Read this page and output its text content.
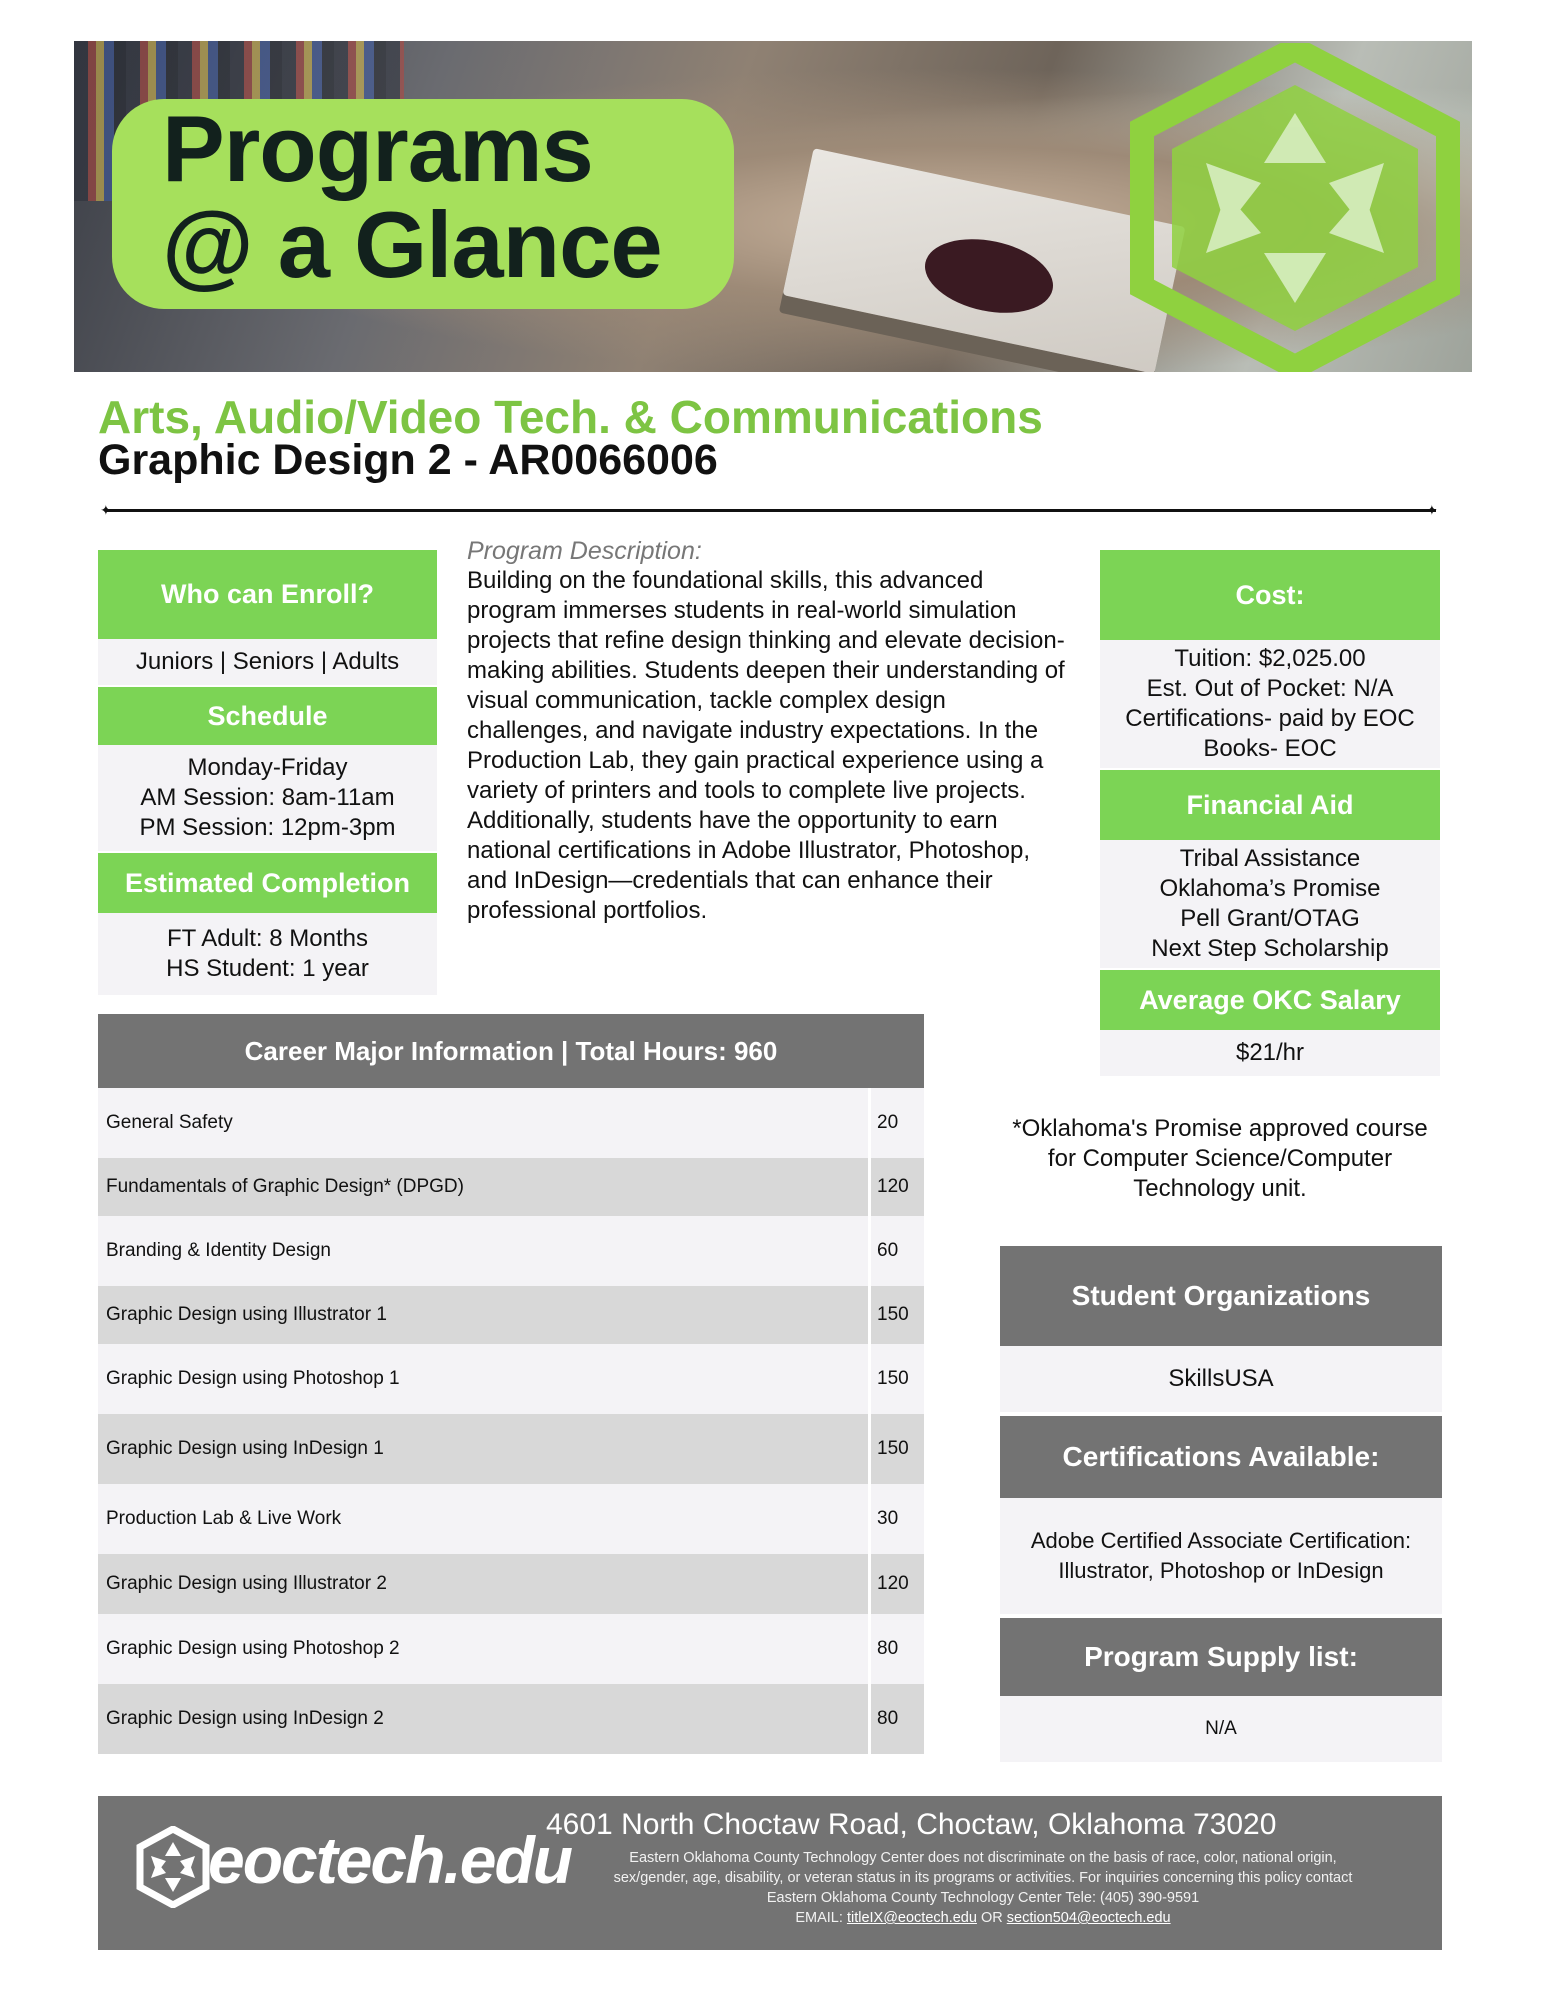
Programs
@ a Glance
Arts, Audio/Video Tech. & Communications
Graphic Design 2 - AR0066006
✦	✦
Who can Enroll?
Juniors | Seniors | Adults
Schedule
Monday-Friday
AM Session: 8am-11am
PM Session: 12pm-3pm
Estimated Completion
FT Adult: 8 Months
HS Student: 1 year
Program Description:
Building on the foundational skills, this advanced program immerses students in real-world simulation projects that refine design thinking and elevate decision-making abilities. Students deepen their understanding of visual communication, tackle complex design challenges, and navigate industry expectations. In the Production Lab, they gain practical experience using a variety of printers and tools to complete live projects. Additionally, students have the opportunity to earn national certifications in Adobe Illustrator, Photoshop, and InDesign—credentials that can enhance their professional portfolios.
Cost:
Tuition: $2,025.00
Est. Out of Pocket: N/A
Certifications- paid by EOC
Books- EOC
Financial Aid
Tribal Assistance
Oklahoma’s Promise
Pell Grant/OTAG
Next Step Scholarship
Average OKC Salary
$21/hr
Career Major Information | Total Hours: 960
General Safety	20
Fundamentals of Graphic Design* (DPGD)	120
Branding & Identity Design	60
Graphic Design using Illustrator 1	150
Graphic Design using Photoshop 1	150
Graphic Design using InDesign 1	150
Production Lab & Live Work	30
Graphic Design using Illustrator 2	120
Graphic Design using Photoshop 2	80
Graphic Design using InDesign 2	80
*Oklahoma's Promise approved course for Computer Science/Computer Technology unit.
Student Organizations
SkillsUSA
Certifications Available:
Adobe Certified Associate Certification:
Illustrator, Photoshop or InDesign
Program Supply list:
N/A
eoctech.edu
4601 North Choctaw Road, Choctaw, Oklahoma 73020
Eastern Oklahoma County Technology Center does not discriminate on the basis of race, color, national origin,
sex/gender, age, disability, or veteran status in its programs or activities. For inquiries concerning this policy contact
Eastern Oklahoma County Technology Center Tele: (405) 390-9591
EMAIL: titleIX@eoctech.edu OR section504@eoctech.edu
